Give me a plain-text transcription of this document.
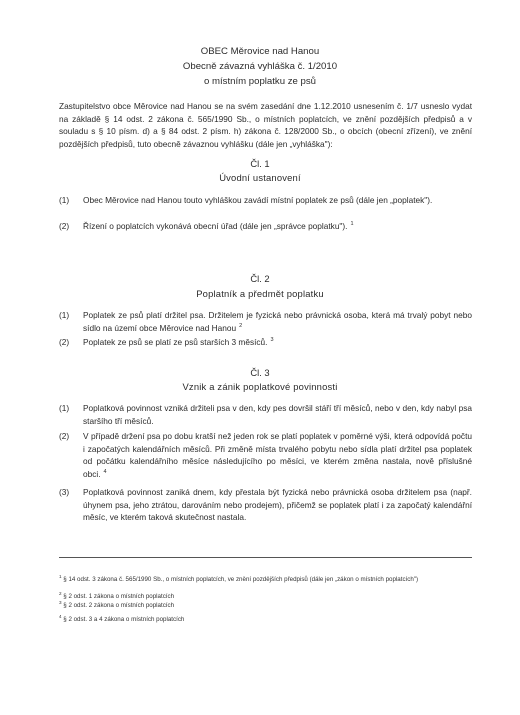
OBEC Měrovice nad Hanou
Obecně závazná vyhláška č. 1/2010
o místním poplatku ze psů
Zastupitelstvo obce Měrovice nad Hanou se na svém zasedání dne 1.12.2010 usnesením č. 1/7 usneslo vydat na základě § 14 odst. 2 zákona č. 565/1990 Sb., o místních poplatcích, ve znění pozdějších předpisů a v souladu s § 10 písm. d) a § 84 odst. 2 písm. h) zákona č. 128/2000 Sb., o obcích (obecní zřízení), ve znění pozdějších předpisů, tuto obecně závaznou vyhlášku (dále jen „vyhláška"):
Čl. 1
Úvodní ustanovení
(1)	Obec Měrovice nad Hanou touto vyhláškou zavádí místní poplatek ze psů (dále jen „poplatek").
(2)	Řízení o poplatcích vykonává obecní úřad (dále jen „správce poplatku"). $^1$
Čl. 2
Poplatník a předmět poplatku
(1)	Poplatek ze psů platí držitel psa. Držitelem je fyzická nebo právnická osoba, která má trvalý pobyt nebo sídlo na území obce Měrovice nad Hanou $^2$
(2)	Poplatek ze psů se platí ze psů starších 3 měsíců. $^3$
Čl. 3
Vznik a zánik poplatkové povinnosti
(1)	Poplatková povinnost vzniká držiteli psa v den, kdy pes dovršil stáří tří měsíců, nebo v den, kdy nabyl psa staršího tří měsíců.
(2)	V případě držení psa po dobu kratší než jeden rok se platí poplatek v poměrné výši, která odpovídá počtu i započatých kalendářních měsíců. Při změně místa trvalého pobytu nebo sídla platí držitel psa poplatek od počátku kalendářního měsíce následujícího po měsíci, ve kterém změna nastala, nově příslušné obci. $^4$
(3)	Poplatková povinnost zaniká dnem, kdy přestala být fyzická nebo právnická osoba držitelem psa (např. úhynem psa, jeho ztrátou, darováním nebo prodejem), přičemž se poplatek platí i za započatý kalendářní měsíc, ve kterém taková skutečnost nastala.
$^1$ § 14 odst. 3 zákona č. 565/1990 Sb., o místních poplatcích, ve znění pozdějších předpisů (dále jen „zákon o místních poplatcích")
$^2$ § 2 odst. 1 zákona o místních poplatcích
$^3$ § 2 odst. 2 zákona o místních poplatcích
$^4$ § 2 odst. 3 a 4 zákona o místních poplatcích
